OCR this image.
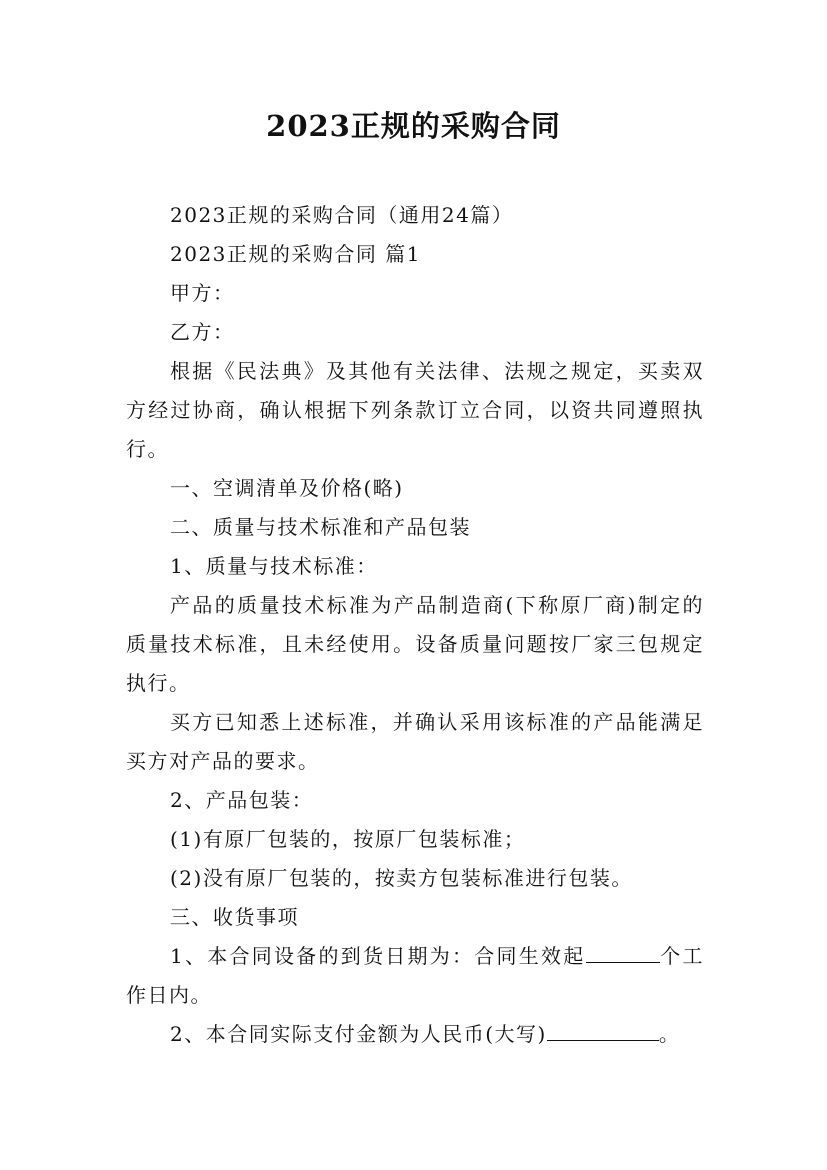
2023正规的采购合同

2023正规的采购合同（通用24篇）

2023正规的采购合同 篇1

甲方：

乙方：

根据《民法典》及其他有关法律、法规之规定，买卖双方经过协商，确认根据下列条款订立合同，以资共同遵照执行。

一、空调清单及价格(略)

二、质量与技术标准和产品包装

1、质量与技术标准：

产品的质量技术标准为产品制造商(下称原厂商)制定的质量技术标准，且未经使用。设备质量问题按厂家三包规定执行。

买方已知悉上述标准，并确认采用该标准的产品能满足买方对产品的要求。

2、产品包装：

(1)有原厂包装的，按原厂包装标准；

(2)没有原厂包装的，按卖方包装标准进行包装。

三、收货事项

1、本合同设备的到货日期为：合同生效起	个工作日内。

2、本合同实际支付金额为人民币(大写)	。
